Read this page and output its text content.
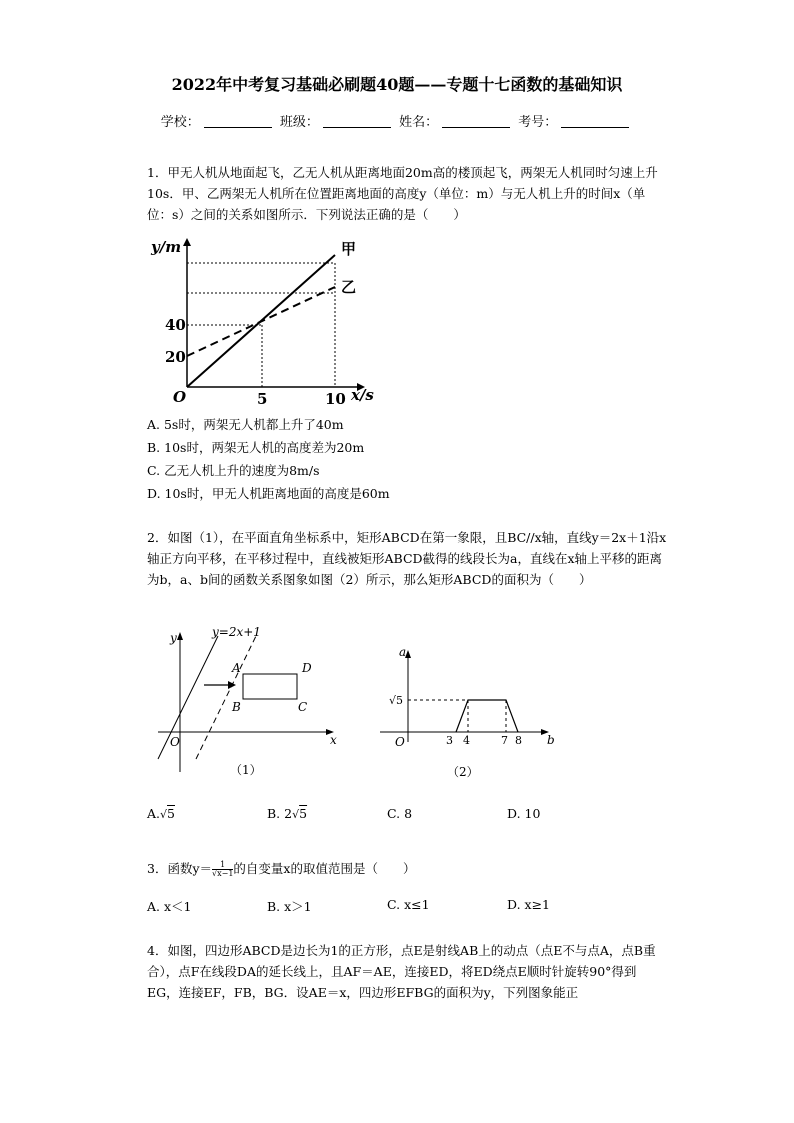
2022年中考复习基础必刷题40题——专题十七函数的基础知识
学校：	班级：	姓名：	考号：
1．甲无人机从地面起飞，乙无人机从距离地面20m高的楼顶起飞，两架无人机同时匀速上升10s．甲、乙两架无人机所在位置距离地面的高度y（单位：m）与无人机上升的时间x（单位：s）之间的关系如图所示．下列说法正确的是（　　）
y/m
x/s
O
甲
乙
20
40
5	10
A. 5s时，两架无人机都上升了40m
B. 10s时，两架无人机的高度差为20m
C. 乙无人机上升的速度为8m/s
D. 10s时，甲无人机距离地面的高度是60m
2．如图（1），在平面直角坐标系中，矩形ABCD在第一象限，且BC//x轴，直线y＝2x＋1沿x轴正方向平移，在平移过程中，直线被矩形ABCD截得的线段长为a，直线在x轴上平移的距离为b，a、b间的函数关系图象如图（2）所示，那么矩形ABCD的面积为（　　）
y=2x+1
y
x
O
A	D
B	C
（1）
a
b
O
√5
3 4	7 8
（2）
A.√5	B. 2√5	C. 8	D. 10
3．函数$y= \frac{1}{√x-1}$ 的自变量x的取值范围是（　　）
A. x＜1	B. x＞1	C. x≤1	D. x≥1
4．如图，四边形ABCD是边长为1的正方形，点E是射线AB上的动点（点E不与点A，点B重合），点F在线段DA的延长线上，且AF＝AE，连接ED，将ED绕点E顺时针旋转90°得到EG，连接EF，FB，BG．设AE＝x，四边形EFBG的面积为y，下列图象能正
